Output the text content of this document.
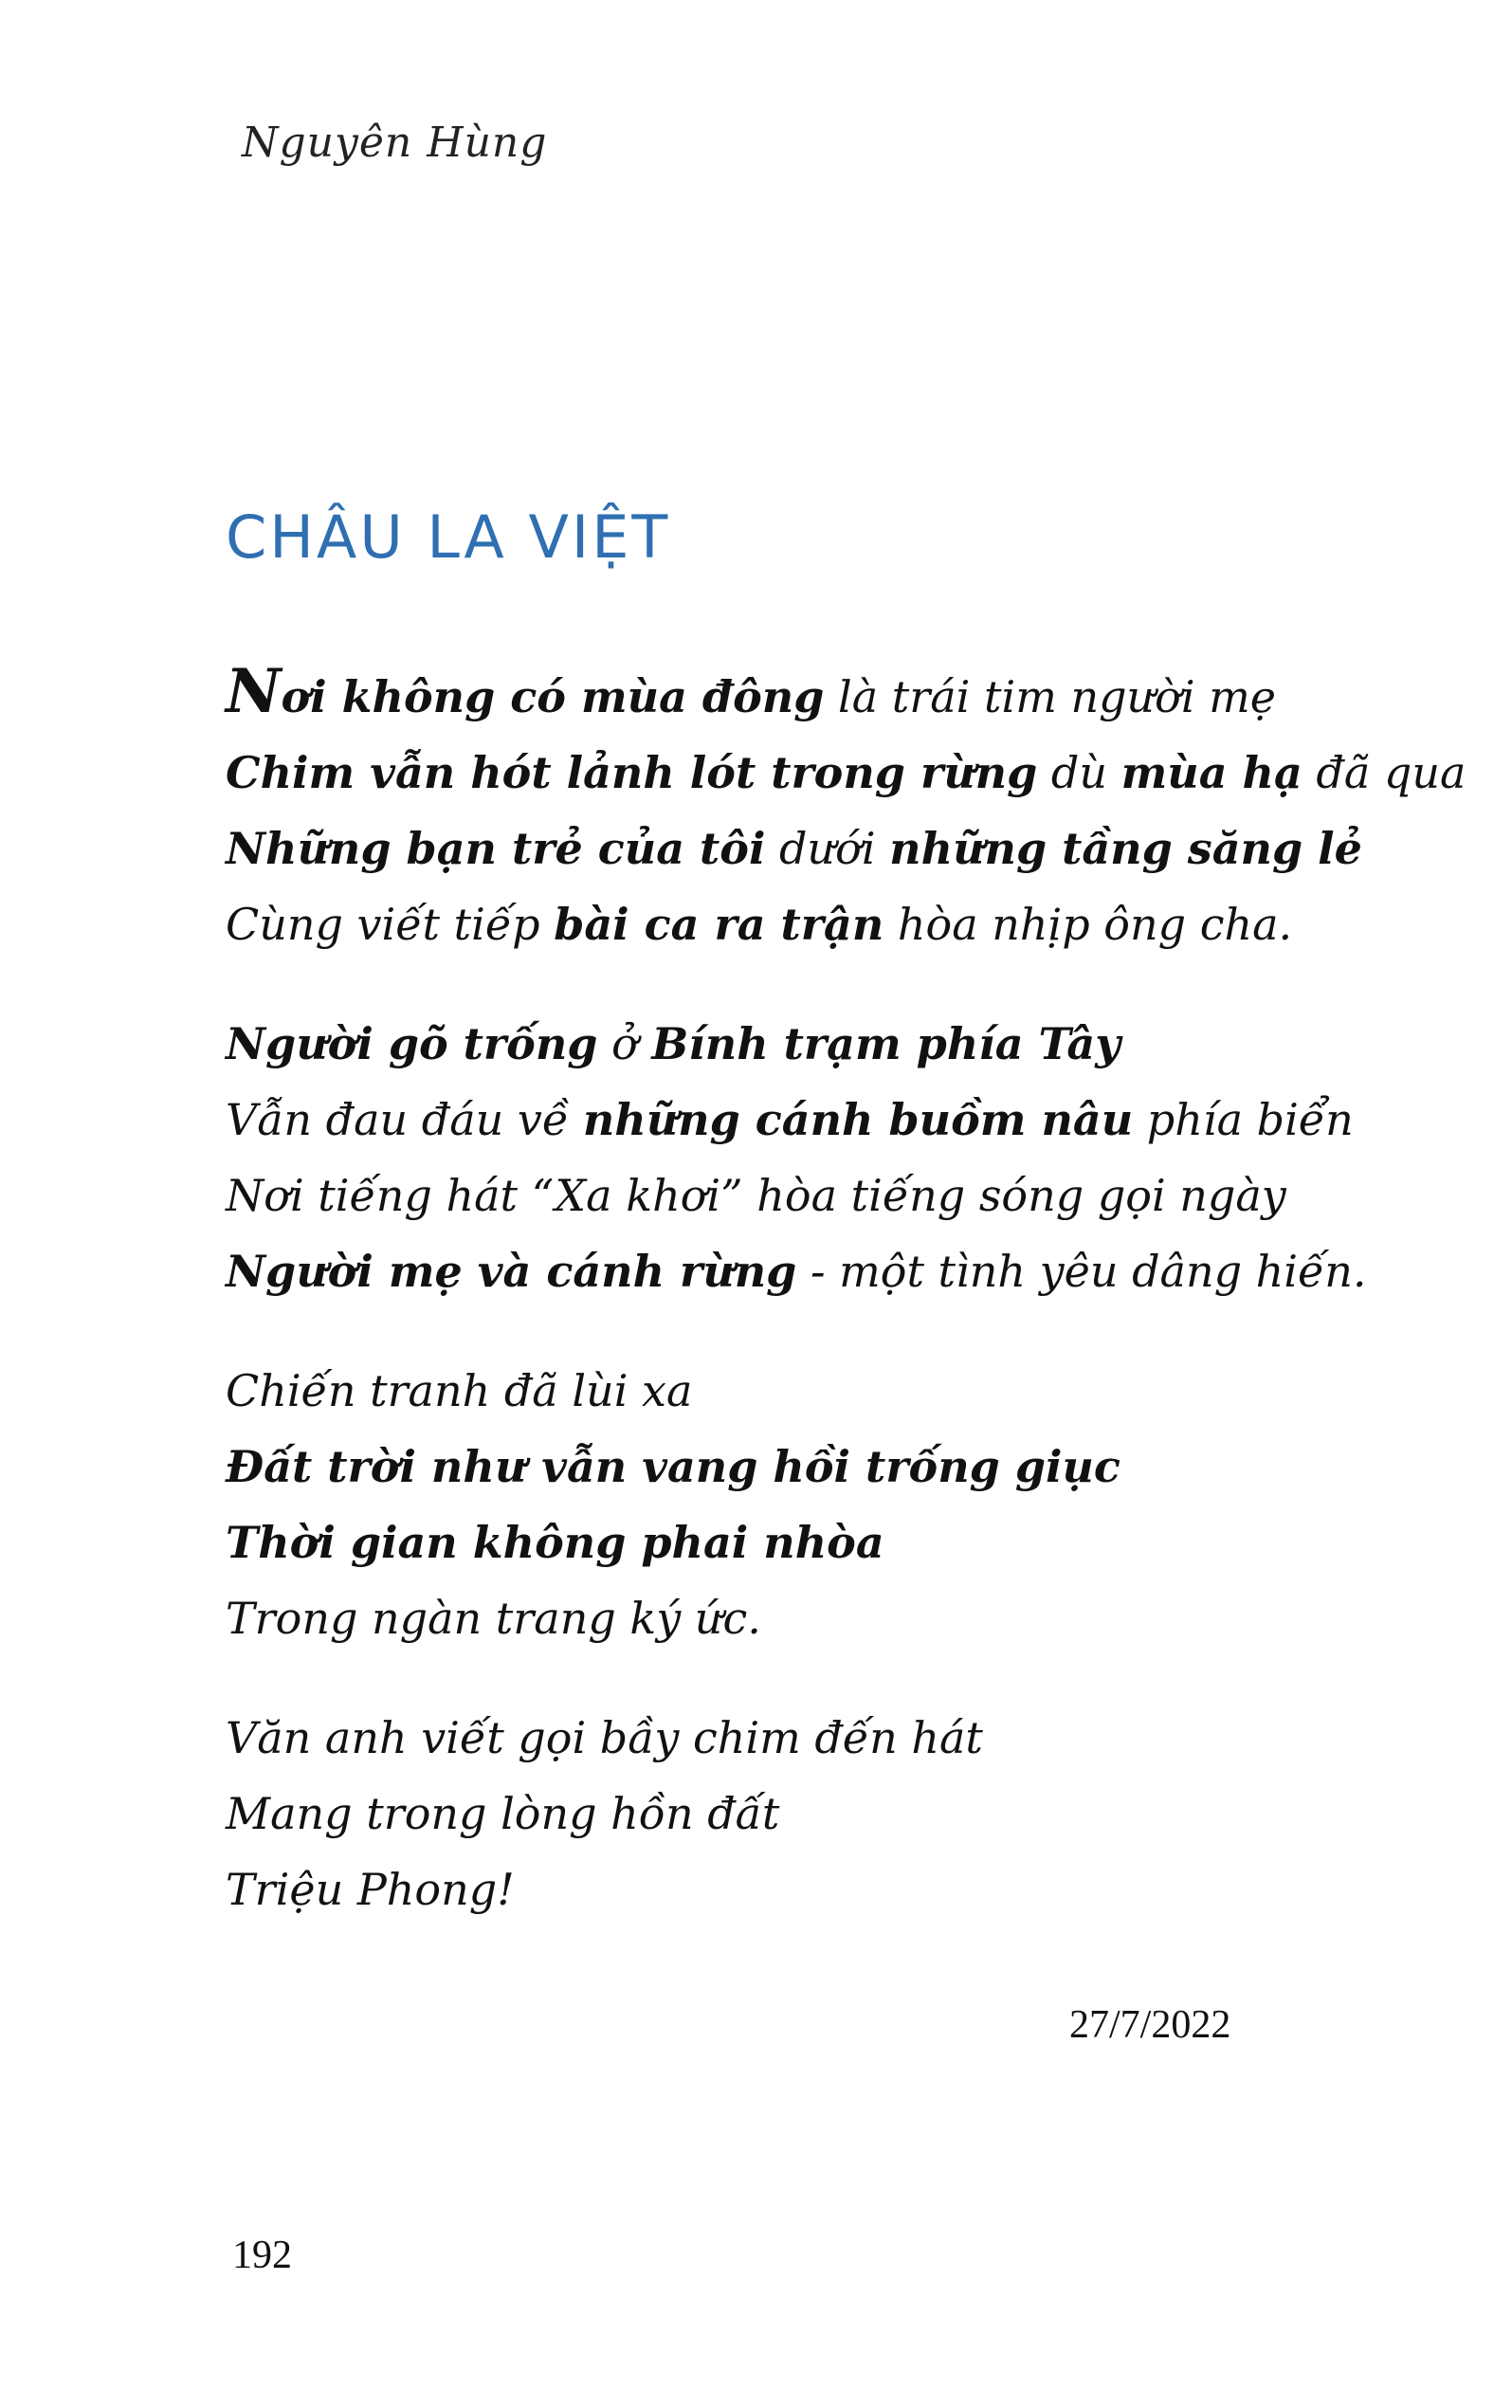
Nguyên Hùng
CHÂU LA VIỆT
Nơi không có mùa đông là trái tim người mẹ
Chim vẫn hót lảnh lót trong rừng dù mùa hạ đã qua
Những bạn trẻ của tôi dưới những tầng săng lẻ
Cùng viết tiếp bài ca ra trận hòa nhịp ông cha.
Người gõ trống ở Bính trạm phía Tây
Vẫn đau đáu về những cánh buồm nâu phía biển
Nơi tiếng hát “Xa khơi” hòa tiếng sóng gọi ngày
Người mẹ và cánh rừng - một tình yêu dâng hiến.
Chiến tranh đã lùi xa
Đất trời như vẫn vang hồi trống giục
Thời gian không phai nhòa
Trong ngàn trang ký ức.
Văn anh viết gọi bầy chim đến hát
Mang trong lòng hồn đất
Triệu Phong!
27/7/2022
192
